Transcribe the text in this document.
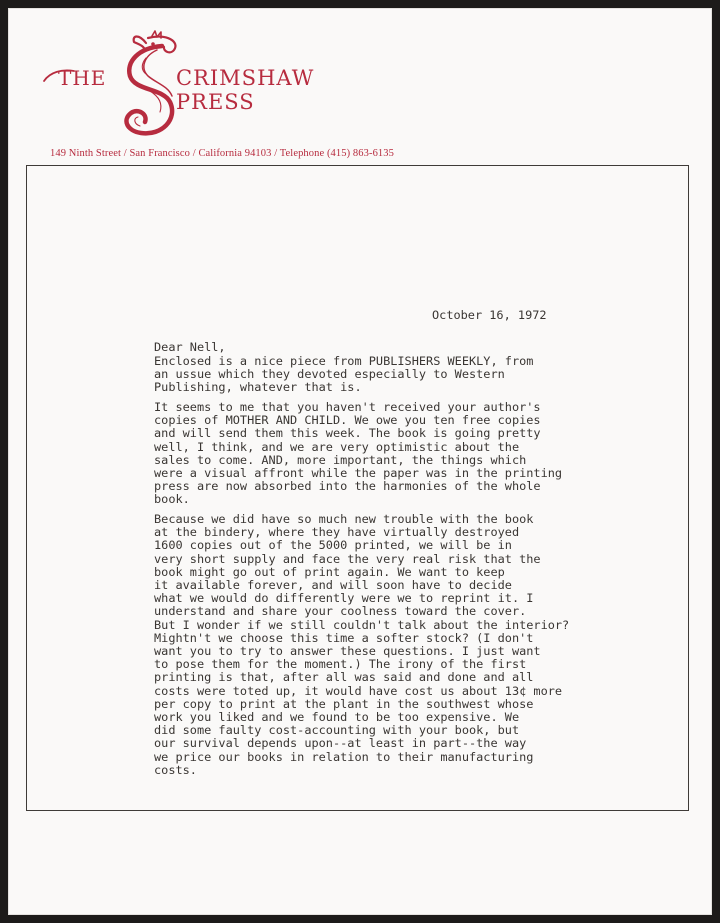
THE	CRIMSHAW
PRESS
149 Ninth Street / San Francisco / California 94103 / Telephone (415) 863-6135

October 16, 1972

Dear Nell,

Enclosed is a nice piece from PUBLISHERS WEEKLY, from
an ussue which they devoted especially to Western
Publishing, whatever that is.

It seems to me that you haven't received your author's
copies of MOTHER AND CHILD. We owe you ten free copies
and will send them this week. The book is going pretty
well, I think, and we are very optimistic about the
sales to come. AND, more important, the things which
were a visual affront while the paper was in the printing
press are now absorbed into the harmonies of the whole
book.

Because we did have so much new trouble with the book
at the bindery, where they have virtually destroyed
1600 copies out of the 5000 printed, we will be in
very short supply and face the very real risk that the
book might go out of print again. We want to keep
it available forever, and will soon have to decide
what we would do differently were we to reprint it. I
understand and share your coolness toward the cover.
But I wonder if we still couldn't talk about the interior?
Mightn't we choose this time a softer stock? (I don't
want you to try to answer these questions. I just want
to pose them for the moment.) The irony of the first
printing is that, after all was said and done and all
costs were toted up, it would have cost us about 13¢ more
per copy to print at the plant in the southwest whose
work you liked and we found to be too expensive. We
did some faulty cost-accounting with your book, but
our survival depends upon--at least in part--the way
we price our books in relation to their manufacturing
costs.
